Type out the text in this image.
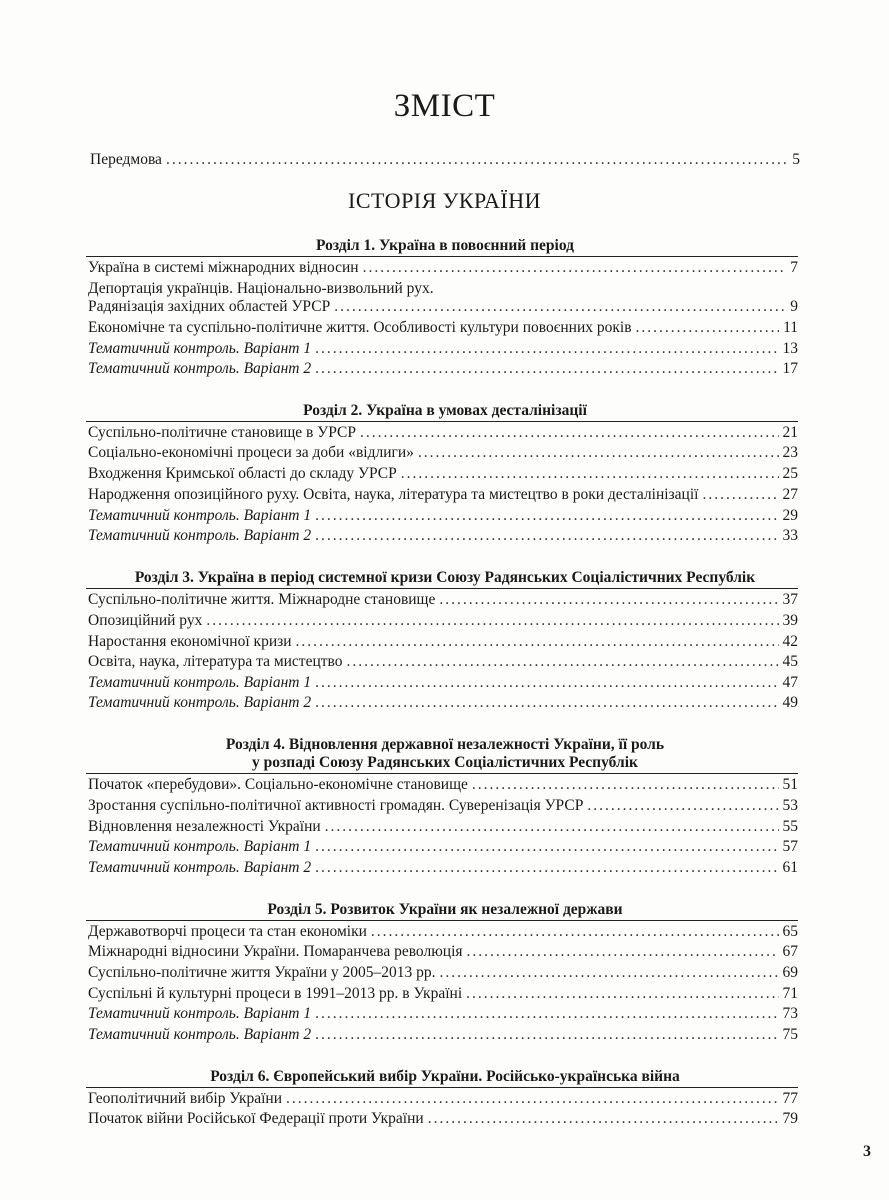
ЗМІСТ
Передмова .....	5
ІСТОРІЯ УКРАЇНИ
Розділ 1. Україна в повоєнний період
Україна в системі міжнародних відносин .....	7
Депортація українців. Національно-визвольний рух.
Радянізація західних областей УРСР .....	9
Економічне та суспільно-політичне життя. Особливості культури повоєнних років .....	11
Тематичний контроль. Варіант 1 .....	13
Тематичний контроль. Варіант 2 .....	17
Розділ 2. Україна в умовах десталінізації
Суспільно-політичне становище в УРСР .....	21
Соціально-економічні процеси за доби «відлиги» .....	23
Входження Кримської області до складу УРСР .....	25
Народження опозиційного руху. Освіта, наука, література та мистецтво в роки десталінізації .....	27
Тематичний контроль. Варіант 1 .....	29
Тематичний контроль. Варіант 2 .....	33
Розділ 3. Україна в період системної кризи Союзу Радянських Соціалістичних Республік
Суспільно-політичне життя. Міжнародне становище .....	37
Опозиційний рух .....	39
Наростання економічної кризи .....	42
Освіта, наука, література та мистецтво .....	45
Тематичний контроль. Варіант 1 .....	47
Тематичний контроль. Варіант 2 .....	49
Розділ 4. Відновлення державної незалежності України, її роль
у розпаді Союзу Радянських Соціалістичних Республік
Початок «перебудови». Соціально-економічне становище .....	51
Зростання суспільно-політичної активності громадян. Суверенізація УРСР .....	53
Відновлення незалежності України .....	55
Тематичний контроль. Варіант 1 .....	57
Тематичний контроль. Варіант 2 .....	61
Розділ 5. Розвиток України як незалежної держави
Державотворчі процеси та стан економіки .....	65
Міжнародні відносини України. Помаранчева революція .....	67
Суспільно-політичне життя України у 2005–2013 рр. .....	69
Суспільні й культурні процеси в 1991–2013 рр. в Україні .....	71
Тематичний контроль. Варіант 1 .....	73
Тематичний контроль. Варіант 2 .....	75
Розділ 6. Європейський вибір України. Російсько-українська війна
Геополітичний вибір України .....	77
Початок війни Російської Федерації проти України .....	79
3
